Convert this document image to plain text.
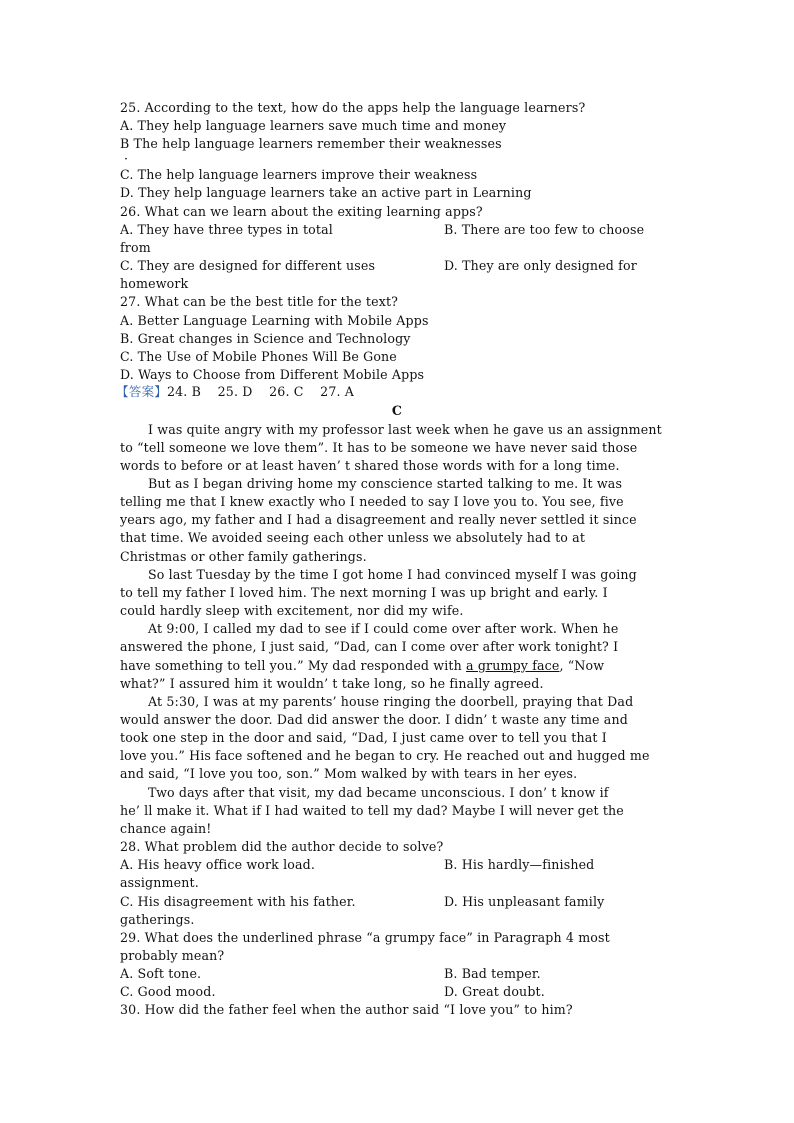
25. According to the text, how do the apps help the language learners?
A. They help language learners save much time and money
B The help language learners remember their weaknesses
·
C. The help language learners improve their weakness
D. They help language learners take an active part in Learning
26. What can we learn about the exiting learning apps?
A. They have three types in total	B. There are too few to choose
from
C. They are designed for different uses	D. They are only designed for
homework
27. What can be the best title for the text?
A. Better Language Learning with Mobile Apps
B. Great changes in Science and Technology
C. The Use of Mobile Phones Will Be Gone
D. Ways to Choose from Different Mobile Apps
【答案】24. B    25. D    26. C    27. A
C
I was quite angry with my professor last week when he gave us an assignment
to “tell someone we love them”. It has to be someone we have never said those
words to before or at least haven’ t shared those words with for a long time.
But as I began driving home my conscience started talking to me. It was
telling me that I knew exactly who I needed to say I love you to. You see, five
years ago, my father and I had a disagreement and really never settled it since
that time. We avoided seeing each other unless we absolutely had to at
Christmas or other family gatherings.
So last Tuesday by the time I got home I had convinced myself I was going
to tell my father I loved him. The next morning I was up bright and early. I
could hardly sleep with excitement, nor did my wife.
At 9:00, I called my dad to see if I could come over after work. When he
answered the phone, I just said, “Dad, can I come over after work tonight? I
have something to tell you.” My dad responded with a grumpy face, “Now
what?” I assured him it wouldn’ t take long, so he finally agreed.
At 5:30, I was at my parents’ house ringing the doorbell, praying that Dad
would answer the door. Dad did answer the door. I didn’ t waste any time and
took one step in the door and said, “Dad, I just came over to tell you that I
love you.” His face softened and he began to cry. He reached out and hugged me
and said, “I love you too, son.” Mom walked by with tears in her eyes.
Two days after that visit, my dad became unconscious. I don’ t know if
he’ ll make it. What if I had waited to tell my dad? Maybe I will never get the
chance again!
28. What problem did the author decide to solve?
A. His heavy office work load.	B. His hardly—finished
assignment.
C. His disagreement with his father.	D. His unpleasant family
gatherings.
29. What does the underlined phrase “a grumpy face” in Paragraph 4 most
probably mean?
A. Soft tone.	B. Bad temper.
C. Good mood.	D. Great doubt.
30. How did the father feel when the author said “I love you” to him?
